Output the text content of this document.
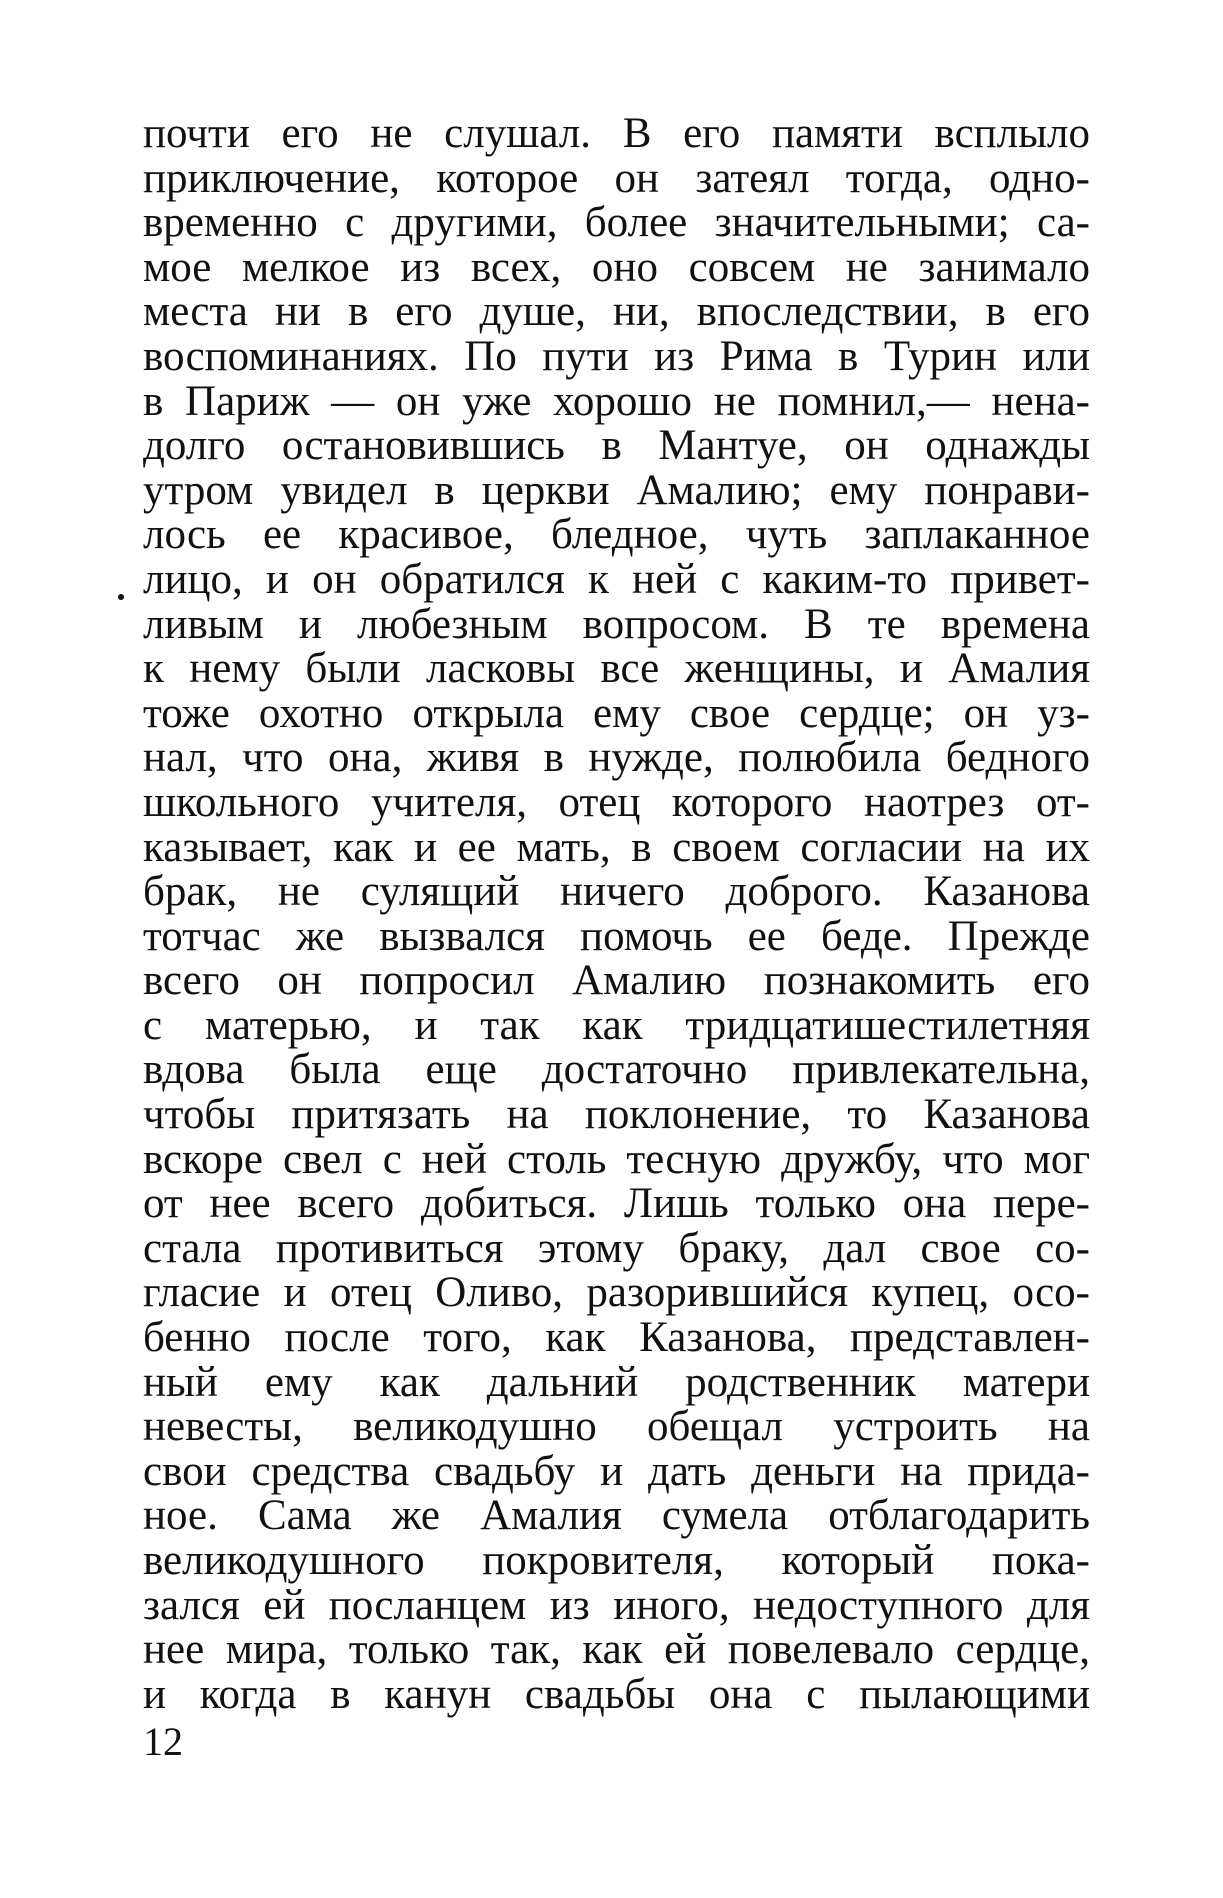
почти его не слушал. В его памяти всплыло
приключение, которое он затеял тогда, одно-
временно с другими, более значительными; са-
мое мелкое из всех, оно совсем не занимало
места ни в его душе, ни, впоследствии, в его
воспоминаниях. По пути из Рима в Турин или
в Париж — он уже хорошо не помнил,— нена-
долго остановившись в Мантуе, он однажды
утром увидел в церкви Амалию; ему понрави-
лось ее красивое, бледное, чуть заплаканное
лицо, и он обратился к ней с каким-то привет-
ливым и любезным вопросом. В те времена
к нему были ласковы все женщины, и Амалия
тоже охотно открыла ему свое сердце; он уз-
нал, что она, живя в нужде, полюбила бедного
школьного учителя, отец которого наотрез от-
казывает, как и ее мать, в своем согласии на их
брак, не сулящий ничего доброго. Казанова
тотчас же вызвался помочь ее беде. Прежде
всего он попросил Амалию познакомить его
с матерью, и так как тридцатишестилетняя
вдова была еще достаточно привлекательна,
чтобы притязать на поклонение, то Казанова
вскоре свел с ней столь тесную дружбу, что мог
от нее всего добиться. Лишь только она пере-
стала противиться этому браку, дал свое со-
гласие и отец Оливо, разорившийся купец, осо-
бенно после того, как Казанова, представлен-
ный ему как дальний родственник матери
невесты, великодушно обещал устроить на
свои средства свадьбу и дать деньги на прида-
ное. Сама же Амалия сумела отблагодарить
великодушного покровителя, который пока-
зался ей посланцем из иного, недоступного для
нее мира, только так, как ей повелевало сердце,
и когда в канун свадьбы она с пылающими
12
